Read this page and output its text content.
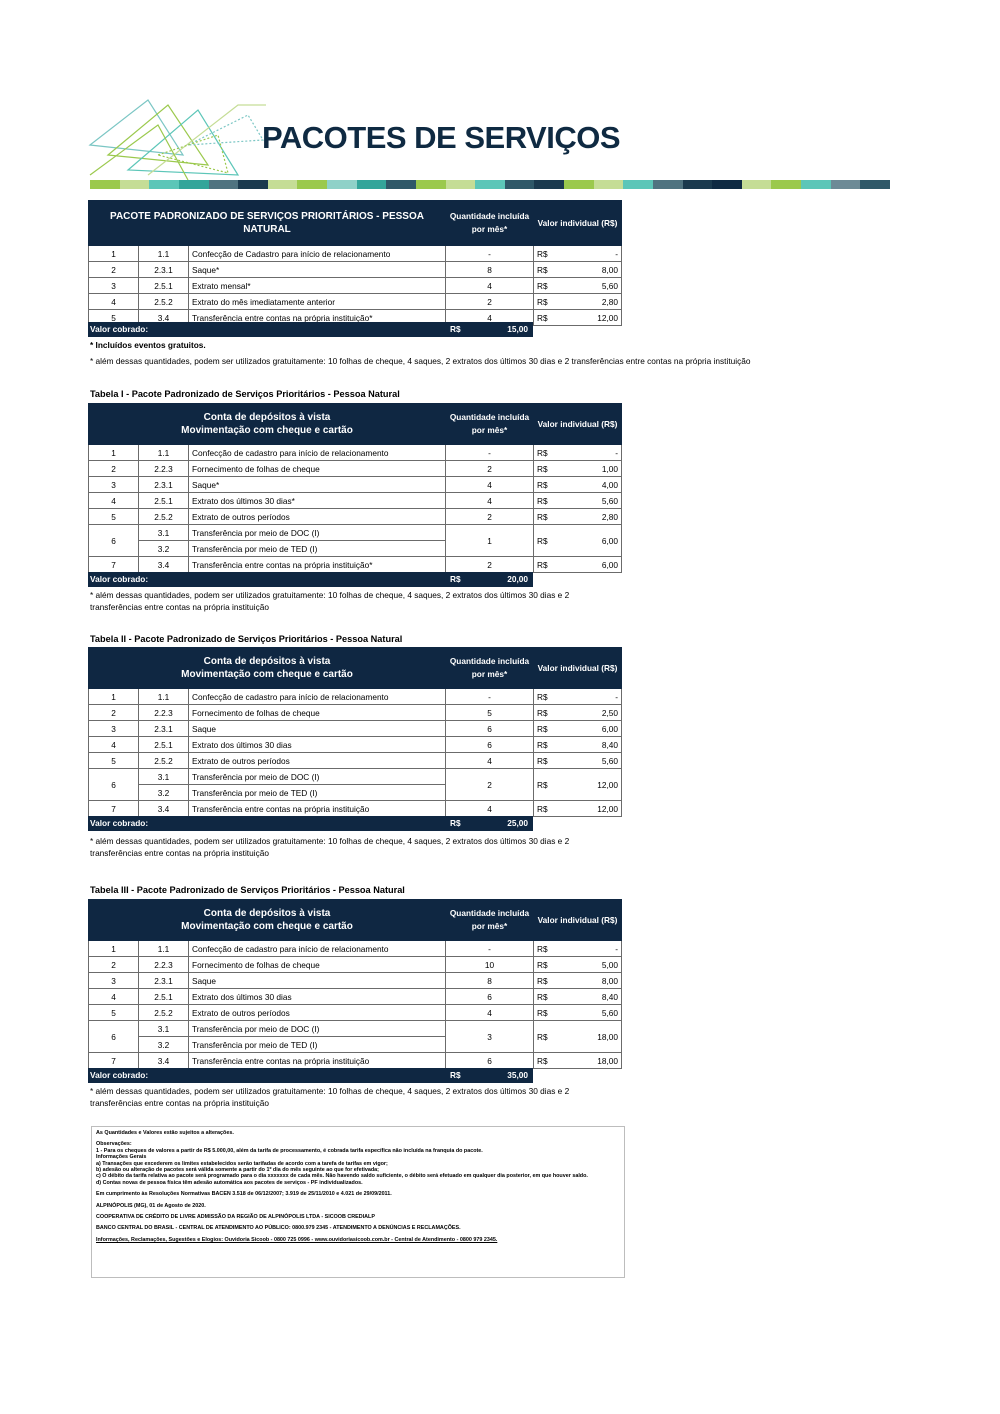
PACOTES DE SERVIÇOS
PACOTE PADRONIZADO DE SERVIÇOS PRIORITÁRIOS - PESSOA NATURAL			Quantidade incluída por mês*	Valor individual (R$)
1	1.1	Confecção de Cadastro para início de relacionamento	-	R$ -

2	2.3.1	Saque*	8	R$ 8,00

3	2.5.1	Extrato mensal*	4	R$ 5,60

4	2.5.2	Extrato do mês imediatamente anterior	2	R$ 2,80

5	3.4	Transferência entre contas na própria instituição*	4	R$ 12,00
Valor cobrado:	R$	15,00
* Incluídos eventos gratuitos.
* além dessas quantidades, podem ser utilizados gratuitamente: 10 folhas de cheque, 4 saques, 2 extratos dos últimos 30 dias e 2 transferências entre contas na própria instituição
Tabela I - Pacote Padronizado de Serviços Prioritários - Pessoa Natural
Conta de depósitos à vista
Movimentação com cheque e cartão			Quantidade incluída por mês*	Valor individual (R$)
1	1.1	Confecção de cadastro para início de relacionamento	-	R$ -

2	2.2.3	Fornecimento de folhas de cheque	2	R$ 1,00

3	2.3.1	Saque*	4	R$ 4,00

4	2.5.1	Extrato dos últimos 30 dias*	4	R$ 5,60

5	2.5.2	Extrato de outros períodos	2	R$ 2,80

6	3.1	Transferência por meio de DOC (I)	1	R$ 6,00

	3.2	Transferência por meio de TED (I)		
7	3.4	Transferência entre contas na própria instituição*	2	R$ 6,00
Valor cobrado:	R$	20,00
* além dessas quantidades, podem ser utilizados gratuitamente: 10 folhas de cheque, 4 saques, 2 extratos dos últimos 30 dias e 2
transferências entre contas na própria instituição
Tabela II - Pacote Padronizado de Serviços Prioritários - Pessoa Natural
Conta de depósitos à vista
Movimentação com cheque e cartão			Quantidade incluída por mês*	Valor individual (R$)
1	1.1	Confecção de cadastro para início de relacionamento	-	R$ -

2	2.2.3	Fornecimento de folhas de cheque	5	R$ 2,50

3	2.3.1	Saque	6	R$ 6,00

4	2.5.1	Extrato dos últimos 30 dias	6	R$ 8,40

5	2.5.2	Extrato de outros períodos	4	R$ 5,60

6	3.1	Transferência por meio de DOC (I)	2	R$ 12,00

	3.2	Transferência por meio de TED (I)		
7	3.4	Transferência entre contas na própria instituição	4	R$ 12,00
Valor cobrado:	R$	25,00
* além dessas quantidades, podem ser utilizados gratuitamente: 10 folhas de cheque, 4 saques, 2 extratos dos últimos 30 dias e 2
transferências entre contas na própria instituição
Tabela III - Pacote Padronizado de Serviços Prioritários - Pessoa Natural
Conta de depósitos à vista
Movimentação com cheque e cartão			Quantidade incluída por mês*	Valor individual (R$)
1	1.1	Confecção de cadastro para início de relacionamento	-	R$ -

2	2.2.3	Fornecimento de folhas de cheque	10	R$ 5,00

3	2.3.1	Saque	8	R$ 8,00

4	2.5.1	Extrato dos últimos 30 dias	6	R$ 8,40

5	2.5.2	Extrato de outros períodos	4	R$ 5,60

6	3.1	Transferência por meio de DOC (I)	3	R$ 18,00

	3.2	Transferência por meio de TED (I)		
7	3.4	Transferência entre contas na própria instituição	6	R$ 18,00
Valor cobrado:	R$	35,00
* além dessas quantidades, podem ser utilizados gratuitamente: 10 folhas de cheque, 4 saques, 2 extratos dos últimos 30 dias e 2
transferências entre contas na própria instituição

As Quantidades e Valores estão sujeitos a alterações.

Observações:

1 - Para os cheques de valores a partir de R$ 5.000,00, além da tarifa de processamento, é cobrada tarifa específica não incluída na franquia do pacote.

Informações Gerais

a) Transações que excederem os limites estabelecidos serão tarifadas de acordo com a tarefa de tarifas em vigor;

b) adesão ou alteração de pacotes será válida somente a partir do 1º dia do mês seguinte ao que for efetivada;

c) O débito da tarifa relativa ao pacote será programado para o dia xxxxxxx de cada mês. Não havendo saldo suficiente, o débito será efetuado em qualquer dia posterior, em que houver saldo.

d) Contas novas de pessoa física têm adesão automática aos pacotes de serviços - PF individualizados.

Em cumprimento às Resoluções Normativas BACEN 3.518 de 06/12/2007; 3.919 de 25/11/2010 e 4.021 de 29/09/2011.

ALPINÓPOLIS (MG), 01 de Agosto de 2020.

COOPERATIVA DE CRÉDITO DE LIVRE ADMISSÃO DA REGIÃO DE ALPINÓPOLIS LTDA - SICOOB CREDIALP

BANCO CENTRAL DO BRASIL - CENTRAL DE ATENDIMENTO AO PÚBLICO: 0800.979 2345 - ATENDIMENTO A DENÚNCIAS E RECLAMAÇÕES.

Informações, Reclamações, Sugestões e Elogios: Ouvidoria Sicoob - 0800 725 0996 - www.ouvidoriasicoob.com.br - Central de Atendimento - 0800 979 2345.
